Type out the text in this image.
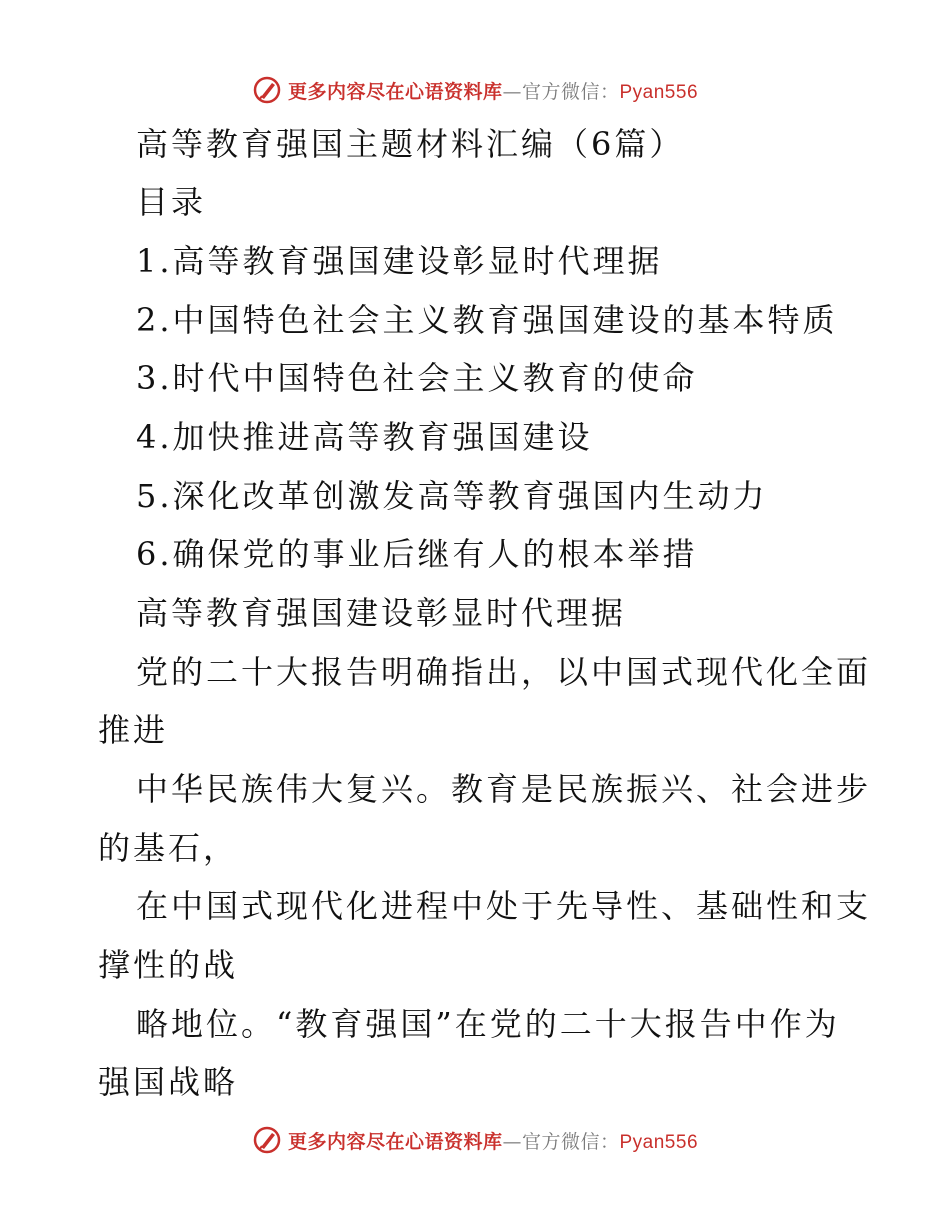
更多内容尽在心语资料库—官方微信：Pyan556
高等教育强国主题材料汇编（6篇）
目录
1.高等教育强国建设彰显时代理据
2.中国特色社会主义教育强国建设的基本特质
3.时代中国特色社会主义教育的使命
4.加快推进高等教育强国建设
5.深化改革创激发高等教育强国内生动力
6.确保党的事业后继有人的根本举措
高等教育强国建设彰显时代理据
党的二十大报告明确指出，以中国式现代化全面
推进
中华民族伟大复兴。教育是民族振兴、社会进步
的基石，
在中国式现代化进程中处于先导性、基础性和支
撑性的战
略地位。“教育强国”在党的二十大报告中作为
强国战略
更多内容尽在心语资料库—官方微信：Pyan556
